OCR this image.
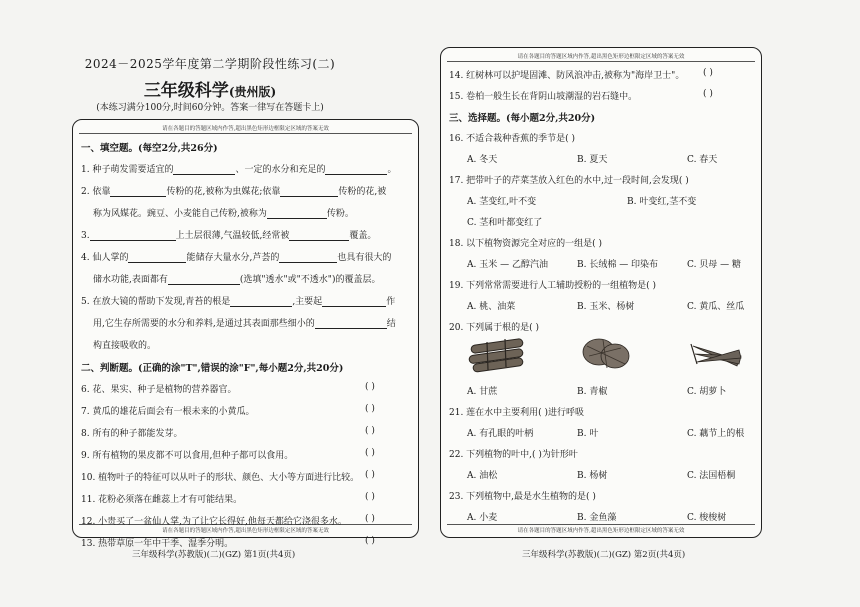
2024－2025学年度第二学期阶段性练习(二)
三年级科学(贵州版)
(本练习满分100分,时间60分钟。答案一律写在答题卡上)
请在各题目的答题区域内作答,超出黑色矩形边框限定区域的答案无效
请在各题目的答题区域内作答,超出黑色矩形边框限定区域的答案无效
一、填空题。(每空2分,共26分)
1. 种子萌发需要适宜的	、一定的水分和充足的	。
2. 依靠	传粉的花,被称为虫媒花;依靠	传粉的花,被
称为风媒花。豌豆、小麦能自己传粉,被称为	传粉。
3.	上土层很薄,气温较低,经常被	覆盖。
4. 仙人掌的	能储存大量水分,芦荟的	也具有很大的
储水功能,表面都有	(选填"透水"或"不透水")的覆盖层。
5. 在放大镜的帮助下发现,青苔的根是	,主要起	作
用,它生存所需要的水分和养料,是通过其表面那些细小的	结
构直接吸收的。
二、判断题。(正确的涂"T",错误的涂"F",每小题2分,共20分)
6. 花、果实、种子是植物的营养器官。	( )
7. 黄瓜的雄花后面会有一根未来的小黄瓜。	( )
8. 所有的种子都能发芽。	( )
9. 所有植物的果皮都不可以食用,但种子都可以食用。	( )
10. 植物叶子的特征可以从叶子的形状、颜色、大小等方面进行比较。 ( )
11. 花粉必须落在雌蕊上才有可能结果。	( )
12. 小贵买了一盆仙人掌,为了让它长得好,他每天都给它浇很多水。 ( )
13. 热带草原一年中干季、湿季分明。	( )
三年级科学(苏教版)(二)(GZ) 第1页(共4页)
请在各题目的答题区域内作答,超出黑色矩形边框限定区域的答案无效
请在各题目的答题区域内作答,超出黑色矩形边框限定区域的答案无效
14. 红树林可以护堤固滩、防风浪冲击,被称为"海岸卫士"。 ( )
15. 卷柏一般生长在背阴山坡潮湿的岩石缝中。	( )
三、选择题。(每小题2分,共20分)
16. 不适合栽种香蕉的季节是( )
A. 冬天	B. 夏天	C. 春天
17. 把带叶子的芹菜茎放入红色的水中,过一段时间,会发现( )
A. 茎变红,叶不变	B. 叶变红,茎不变
C. 茎和叶都变红了
18. 以下植物资源完全对应的一组是( )
A. 玉米 — 乙醇汽油	B. 长绒棉 — 印染布	C. 贝母 — 糖
19. 下列常常需要进行人工辅助授粉的一组植物是( )
A. 桃、油菜	B. 玉米、杨树	C. 黄瓜、丝瓜
20. 下列属于根的是( )
A. 甘蔗	B. 青椒	C. 胡萝卜
21. 莲在水中主要利用( )进行呼吸
A. 有孔眼的叶柄	B. 叶	C. 藕节上的根
22. 下列植物的叶中,( )为针形叶
A. 油松	B. 杨树	C. 法国梧桐
23. 下列植物中,最是水生植物的是( )
A. 小麦	B. 金鱼藻	C. 梭梭树
三年级科学(苏教版)(二)(GZ) 第2页(共4页)
